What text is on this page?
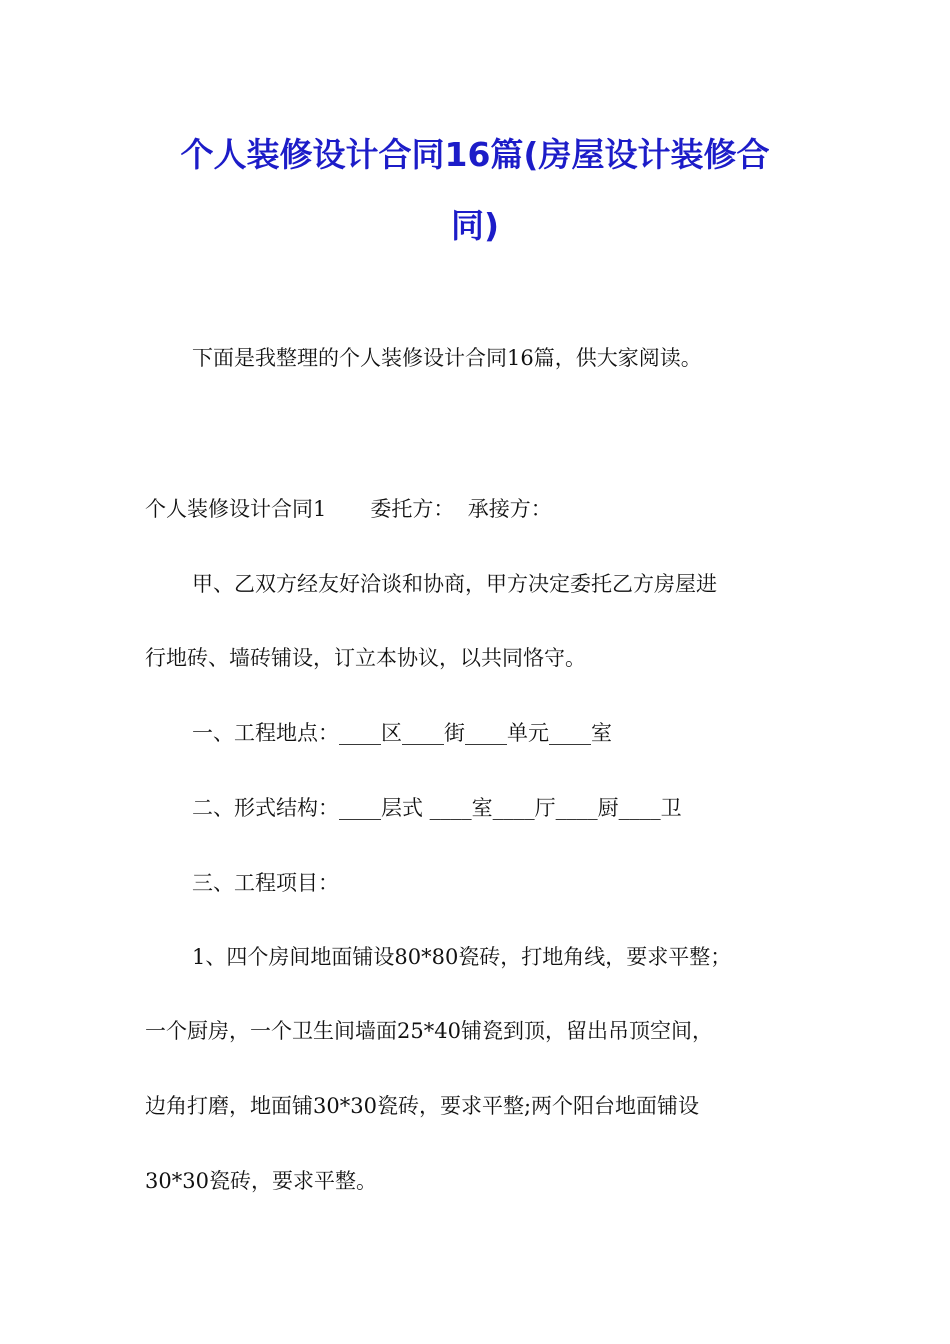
个人装修设计合同16篇(房屋设计装修合
同)
下面是我整理的个人装修设计合同16篇，供大家阅读。
个人装修设计合同1 委托方：  承接方：
甲、乙双方经友好洽谈和协商，甲方决定委托乙方房屋进
行地砖、墙砖铺设，订立本协议，以共同恪守。
一、工程地点：____区____街____单元____室
二、形式结构：____层式 ____室____厅____厨____卫
三、工程项目：
1、四个房间地面铺设80*80瓷砖，打地角线，要求平整；
一个厨房，一个卫生间墙面25*40铺瓷到顶，留出吊顶空间，
边角打磨，地面铺30*30瓷砖，要求平整;两个阳台地面铺设
30*30瓷砖，要求平整。
